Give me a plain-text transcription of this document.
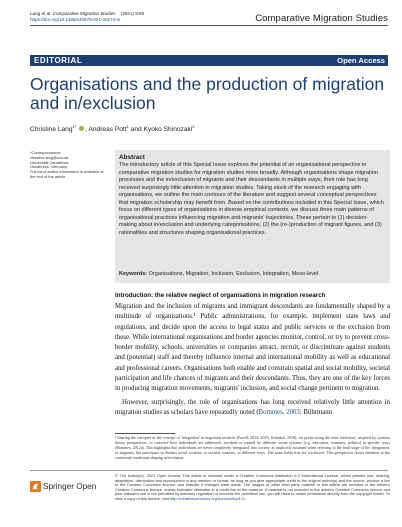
Lang et al. Comparative Migration Studies (2021) 9:60
https://doi.org/10.1186/s40878-021-00274-w	Comparative Migration Studies
EDITORIAL	Open Access
Organisations and the production of migration and in/exclusion
Christine Lang$^{1*}$ , Andreas Pott$^1$ and Kyoko Shinozaki$^2$
*Correspondence:
christine.lang@uos.de
Universität Osnabrück,
Osnabrück, Germany
Full list of author information is available at the end of the article
Abstract
The introductory article of this Special Issue explores the potential of an organisational perspective in comparative migration studies for migration studies more broadly. Although organisations shape migration processes and the in/exclusion of migrants and their descendants in multiple ways, their role has long received surprisingly little attention in migration studies. Taking stock of the research engaging with organisations, we outline the main contours of the literature and suggest several conceptual perspectives that migration scholarship may benefit from. Based on the contributions included in this Special Issue, which focus on different types of organisations in diverse empirical contexts, we discuss three main patterns of organisational practices influencing migration and migrants' trajectories. These pertain to (1) decision-making about in/exclusion and underlying categorisations, (2) the (re-)production of migrant figures, and (3) rationalities and structures shaping organisational practices.
Keywords: Organisations, Migration, Inclusion, Exclusion, Integration, Meso-level
Introduction: the relative neglect of organisations in migration research

Migration and the inclusion of migrants and immigrant descendants are fundamentally shaped by a multitude of organisations.¹ Public administrations, for example, implement state laws and regulations, and decide upon the access to legal status and public services or the exclusion from these. While international organisations and border agencies monitor, control, or try to prevent cross-border mobility, schools, universities or companies attract, recruit, or discriminate against students and (potential) staff and thereby influence internal and international mobility as well as educational and professional careers. Organisations both enable and constrain spatial and social mobility, societal participation and life chances of migrants and their descendants. Thus, they are one of the key forces in producing migration movements, migrants' inclusion, and social change pertinent to migration.

However, surprisingly, the role of organisations has long received relatively little attention in migration studies as scholars have repeatedly noted (Bommes, 2003; Bührmann

¹ Sharing the critiques of the concept of 'integration' in migration research (Favell, 2014; 2019; Schinkel, 2018), we prefer using the term 'inclusion', inspired by systems theory perspectives, to conceive how individuals are addressed, involved or treated by different social systems (e.g. education, economy, politics) in specific ways (Bommes, 2012a). This highlights that individuals are never completely 'integrated' into society, as implicitly assumed when referring to the final stage of the 'integration' of migrants, but participate in distinct social systems, or societal contexts, in different ways. The same holds true for 'exclusion'. This perspective draws attention to the contextual conditions shaping in/exclusion.
Springer Open
© The Author(s). 2021 Open Access This article is licensed under a Creative Commons Attribution 4.0 International License, which permits use, sharing, adaptation, distribution and reproduction in any medium or format, as long as you give appropriate credit to the original author(s) and the source, provide a link to the Creative Commons licence, and indicate if changes were made. The images or other third party material in this article are included in the article's Creative Commons licence, unless indicated otherwise in a credit line to the material. If material is not included in the article's Creative Commons licence and your intended use is not permitted by statutory regulation or exceeds the permitted use, you will need to obtain permission directly from the copyright holder. To view a copy of this licence, visit http://creativecommons.org/licenses/by/4.0/.
